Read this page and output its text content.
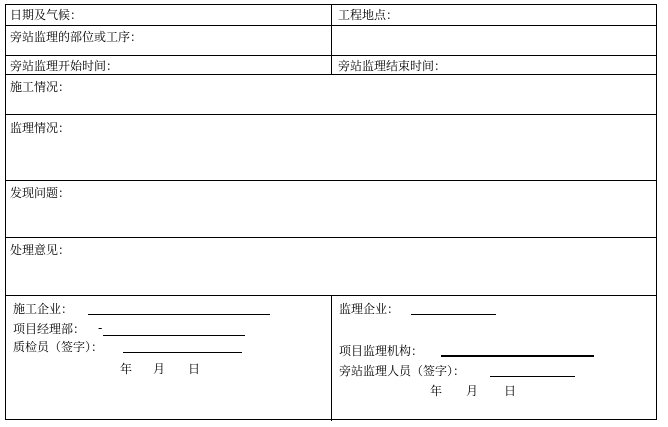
日期及气候：	工程地点：
旁站监理的部位或工序：
旁站监理开始时间：	旁站监理结束时间：
施工情况：
监理情况：
发现问题：
处理意见：
施工企业：
项目经理部： -
质检员（签字）：
年 月 日
监理企业：
项目监理机构：
旁站监理人员（签字）：
年 月 日
